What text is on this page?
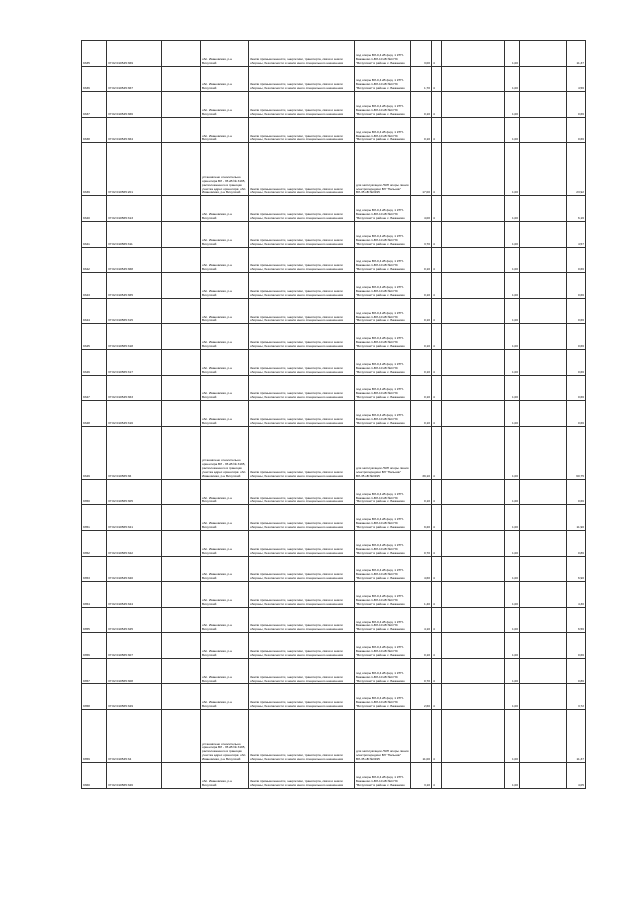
9335	37:02:010545:369		обл. Ивановская, р-н Вичугский	Земли промышленности, энергетики, транспорта, связи и земли обороны, безопасности и земли иного специального назначения	под опоры ВЛ-0,4 кВ фид. 1 КТП-Бажаново 1-ВЛ-10 кВ №4 ПС "Вичугская" в районе с. Бажаново	3,00	4		1,00		11,37
9336	37:02:010545:367		обл. Ивановская, р-н Вичугский	Земли промышленности, энергетики, транспорта, связи и земли обороны, безопасности и земли иного специального назначения	под опоры ВЛ-0,4 кВ фид. 1 КТП-Бажаново 1-ВЛ-10 кВ №4 ПС "Вичугская" в районе с. Бажаново	1,70	4		1,00		4,56
9337	37:02:010545:366		обл. Ивановская, р-н Вичугский	Земли промышленности, энергетики, транспорта, связи и земли обороны, безопасности и земли иного специального назначения	под опоры ВЛ-0,4 кВ фид. 1 КТП-Бажаново 1-ВЛ-10 кВ №4 ПС "Вичугская" в районе с. Бажаново	0,10	4		1,00		0,66
9338	37:02:010545:364		обл. Ивановская, р-н Вичугский	Земли промышленности, энергетики, транспорта, связи и земли обороны, безопасности и земли иного специального назначения	под опоры ВЛ-0,4 кВ фид. 1 КТП-Бажаново 1-ВЛ-10 кВ №4 ПС "Вичугская" в районе с. Бажаново	0,10	4		1,00		0,66
9339	37:02:010565:201		установлено относительно ориентира ВЛ - 35 кВ № 3195, расположенного в границах участка адрес ориентира: обл. Ивановская, р-н Вичугский	Земли промышленности, энергетики, транспорта, связи и земли обороны, безопасности и земли иного специального назначения	для эксплуатации ЛЭП опоры линии электропередачи ВЛ "Пальник" ВЛ-35 кВ №3195	17,00	4		1,00		23,92
9340	37:02:010565:313		обл. Ивановская, р-н Вичугский	Земли промышленности, энергетики, транспорта, связи и земли обороны, безопасности и земли иного специального назначения	под опоры ВЛ-0,4 кВ фид. 1 КТП-Бажаново 1-ВЛ-10 кВ №4 ПС "Вичугская" в районе с. Бажаново	4,00	4		1,00		6,16
9341	37:02:010565:311		обл. Ивановская, р-н Вичугский	Земли промышленности, энергетики, транспорта, связи и земли обороны, безопасности и земли иного специального назначения	под опоры ВЛ-0,4 кВ фид. 1 КТП-Бажаново 1-ВЛ-10 кВ №4 ПС "Вичугская" в районе с. Бажаново	3,70	4		1,00		4,57
9342	37:02:010545:368		обл. Ивановская, р-н Вичугский	Земли промышленности, энергетики, транспорта, связи и земли обороны, безопасности и земли иного специального назначения	под опоры ВЛ-0,4 кВ фид. 1 КТП-Бажаново 1-ВЛ-10 кВ №4 ПС "Вичугская" в районе с. Бажаново	0,10	4		1,00		0,66
9343	37:02:010545:365		обл. Ивановская, р-н Вичугский	Земли промышленности, энергетики, транспорта, связи и земли обороны, безопасности и земли иного специального назначения	под опоры ВЛ-0,4 кВ фид. 1 КТП-Бажаново 1-ВЛ-10 кВ №4 ПС "Вичугская" в районе с. Бажаново	0,10	4		1,00		0,66
9344	37:02:010565:315		обл. Ивановская, р-н Вичугский	Земли промышленности, энергетики, транспорта, связи и земли обороны, безопасности и земли иного специального назначения	под опоры ВЛ-0,4 кВ фид. 1 КТП-Бажаново 1-ВЛ-10 кВ №4 ПС "Вичугская" в районе с. Бажаново	0,10	4		1,00		0,66
9345	37:02:010565:318		обл. Ивановская, р-н Вичугский	Земли промышленности, энергетики, транспорта, связи и земли обороны, безопасности и земли иного специального назначения	под опоры ВЛ-0,4 кВ фид. 1 КТП-Бажаново 1-ВЛ-10 кВ №4 ПС "Вичугская" в районе с. Бажаново	0,10	4		1,00		0,66
9346	37:02:010565:317		обл. Ивановская, р-н Вичугский	Земли промышленности, энергетики, транспорта, связи и земли обороны, безопасности и земли иного специального назначения	под опоры ВЛ-0,4 кВ фид. 1 КТП-Бажаново 1-ВЛ-10 кВ №4 ПС "Вичугская" в районе с. Бажаново	0,10	4		1,00		0,66
9347	37:02:010545:363		обл. Ивановская, р-н Вичугский	Земли промышленности, энергетики, транспорта, связи и земли обороны, безопасности и земли иного специального назначения	под опоры ВЛ-0,4 кВ фид. 1 КТП-Бажаново 1-ВЛ-10 кВ №4 ПС "Вичугская" в районе с. Бажаново	0,10	4		1,00		0,66
9348	37:02:010545:316		обл. Ивановская, р-н Вичугский	Земли промышленности, энергетики, транспорта, связи и земли обороны, безопасности и земли иного специального назначения	под опоры ВЛ-0,4 кВ фид. 1 КТП-Бажаново 1-ВЛ-10 кВ №4 ПС "Вичугская" в районе с. Бажаново	0,10	4		1,00		0,66
9349	37:02:010565:36		установлено относительно ориентира ВЛ - 35 кВ № 3195, расположенного в границах участка адрес ориентира: обл. Ивановская, р-н Вичугский	Земли промышленности, энергетики, транспорта, связи и земли обороны, безопасности и земли иного специального назначения	для эксплуатации ЛЭП опоры линии электропередачи ВЛ "Пальник" ВЛ-35 кВ №3195	39,10	4		1,00		60,75
9350	37:02:010565:305		обл. Ивановская, р-н Вичугский	Земли промышленности, энергетики, транспорта, связи и земли обороны, безопасности и земли иного специального назначения	под опоры ВЛ-0,4 кВ фид. 1 КТП-Бажаново 1-ВЛ-10 кВ №4 ПС "Вичугская" в районе с. Бажаново	0,10	4		1,00		0,66
9351	37:02:010565:321		обл. Ивановская, р-н Вичугский	Земли промышленности, энергетики, транспорта, связи и земли обороны, безопасности и земли иного специального назначения	под опоры ВЛ-0,4 кВ фид. 1 КТП-Бажаново 1-ВЛ-10 кВ №4 ПС "Вичугская" в районе с. Бажаново	9,20	4		1,00		11,90
9352	37:02:010565:322		обл. Ивановская, р-н Вичугский	Земли промышленности, энергетики, транспорта, связи и земли обороны, безопасности и земли иного специального назначения	под опоры ВЛ-0,4 кВ фид. 1 КТП-Бажаново 1-ВЛ-10 кВ №4 ПС "Вичугская" в районе с. Бажаново	0,70	4		1,00		0,86
9353	37:02:010545:320		обл. Ивановская, р-н Вичугский	Земли промышленности, энергетики, транспорта, связи и земли обороны, безопасности и земли иного специального назначения	под опоры ВЛ-0,4 кВ фид. 1 КТП-Бажаново 1-ВЛ-10 кВ №4 ПС "Вичугская" в районе с. Бажаново	4,60	4		1,00		6,90
9354	37:02:010545:324		обл. Ивановская, р-н Вичугский	Земли промышленности, энергетики, транспорта, связи и земли обороны, безопасности и земли иного специального назначения	под опоры ВЛ-0,4 кВ фид. 1 КТП-Бажаново 1-ВЛ-10 кВ №4 ПС "Вичугская" в районе с. Бажаново	1,40	4		1,00		4,30
9355	37:02:010545:325		обл. Ивановская, р-н Вичугский	Земли промышленности, энергетики, транспорта, связи и земли обороны, безопасности и земли иного специального назначения	под опоры ВЛ-0,4 кВ фид. 1 КТП-Бажаново 1-ВЛ-10 кВ №4 ПС "Вичугская" в районе с. Бажаново	4,10	4		1,00		6,56
9356	37:02:010565:307		обл. Ивановская, р-н Вичугский	Земли промышленности, энергетики, транспорта, связи и земли обороны, безопасности и земли иного специального назначения	под опоры ВЛ-0,4 кВ фид. 1 КТП-Бажаново 1-ВЛ-10 кВ №4 ПС "Вичугская" в районе с. Бажаново	0,10	4		1,00		0,66
9357	37:02:010565:308		обл. Ивановская, р-н Вичугский	Земли промышленности, энергетики, транспорта, связи и земли обороны, безопасности и земли иного специального назначения	под опоры ВЛ-0,4 кВ фид. 1 КТП-Бажаново 1-ВЛ-10 кВ №4 ПС "Вичугская" в районе с. Бажаново	0,70	4		1,00		0,86
9358	37:02:010565:329		обл. Ивановская, р-н Вичугский	Земли промышленности, энергетики, транспорта, связи и земли обороны, безопасности и земли иного специального назначения	под опоры ВЛ-0,4 кВ фид. 1 КТП-Бажаново 1-ВЛ-10 кВ №4 ПС "Вичугская" в районе с. Бажаново	2,60	4		1,00		3,72
9359	37:02:010545:34		установлено относительно ориентира ВЛ - 35 кВ № 3195, расположенного в границах участка адрес ориентира: обл. Ивановская, р-н Вичугский	Земли промышленности, энергетики, транспорта, связи и земли обороны, безопасности и земли иного специального назначения	для эксплуатации ЛЭП опоры линии электропередачи ВЛ "Пальник" ВЛ-35 кВ №3195	11,00	4		1,00		11,37
9360	37:02:010565:326		обл. Ивановская, р-н Вичугский	Земли промышленности, энергетики, транспорта, связи и земли обороны, безопасности и земли иного специального назначения	под опоры ВЛ-0,4 кВ фид. 1 КТП-Бажаново 1-ВЛ-10 кВ №4 ПС "Вичугская" в районе с. Бажаново	3,10	4		1,00		4,05
